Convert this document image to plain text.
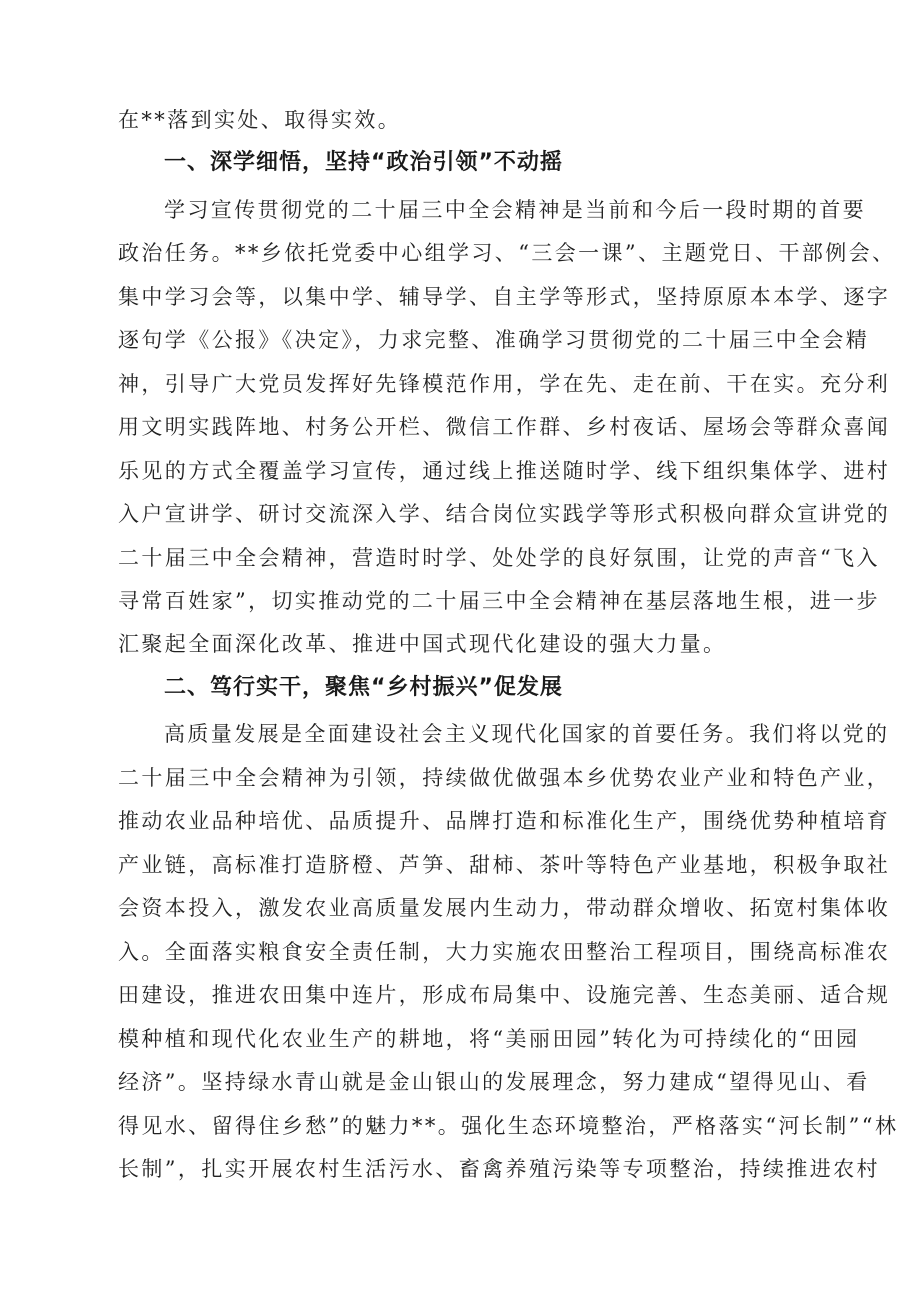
在**落到实处、取得实效。
一、深学细悟，坚持“政治引领”不动摇
学习宣传贯彻党的二十届三中全会精神是当前和今后一段时期的首要
政治任务。**乡依托党委中心组学习、“三会一课”、主题党日、干部例会、
集中学习会等，以集中学、辅导学、自主学等形式，坚持原原本本学、逐字
逐句学《公报》《决定》，力求完整、准确学习贯彻党的二十届三中全会精
神，引导广大党员发挥好先锋模范作用，学在先、走在前、干在实。充分利
用文明实践阵地、村务公开栏、微信工作群、乡村夜话、屋场会等群众喜闻
乐见的方式全覆盖学习宣传，通过线上推送随时学、线下组织集体学、进村
入户宣讲学、研讨交流深入学、结合岗位实践学等形式积极向群众宣讲党的
二十届三中全会精神，营造时时学、处处学的良好氛围，让党的声音“飞入
寻常百姓家”，切实推动党的二十届三中全会精神在基层落地生根，进一步
汇聚起全面深化改革、推进中国式现代化建设的强大力量。
二、笃行实干，聚焦“乡村振兴”促发展
高质量发展是全面建设社会主义现代化国家的首要任务。我们将以党的
二十届三中全会精神为引领，持续做优做强本乡优势农业产业和特色产业，
推动农业品种培优、品质提升、品牌打造和标准化生产，围绕优势种植培育
产业链，高标准打造脐橙、芦笋、甜柿、茶叶等特色产业基地，积极争取社
会资本投入，激发农业高质量发展内生动力，带动群众增收、拓宽村集体收
入。全面落实粮食安全责任制，大力实施农田整治工程项目，围绕高标准农
田建设，推进农田集中连片，形成布局集中、设施完善、生态美丽、适合规
模种植和现代化农业生产的耕地，将“美丽田园”转化为可持续化的“田园
经济”。坚持绿水青山就是金山银山的发展理念，努力建成“望得见山、看
得见水、留得住乡愁”的魅力**。强化生态环境整治，严格落实“河长制”“林
长制”，扎实开展农村生活污水、畜禽养殖污染等专项整治，持续推进农村
